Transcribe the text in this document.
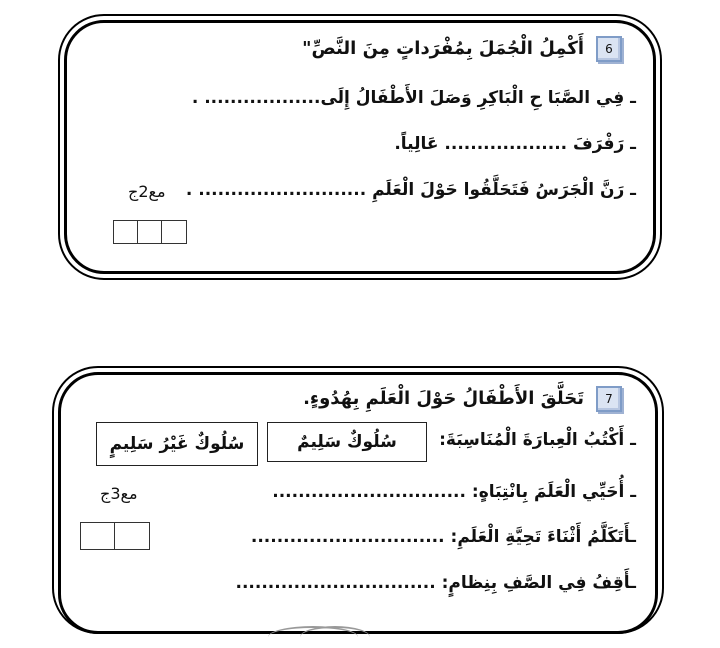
6
أَكْمِلُ الْجُمَلَ بِمُفْرَداتٍ مِنَ النَّصِّ"
ـ فِي الصَّبَا حِ الْبَاكِرِ وَصَلَ الأَطْفَالُ إِلَى.................. .
ـ رَفْرَفَ ................... عَالِياً.
ـ رَنَّ الْجَرَسُ فَتَحَلَّقُوا حَوْلَ الْعَلَمِ .......................... .
مع2ج
7
تَحَلَّقَ الأَطْفَالُ حَوْلَ الْعَلَمِ بِهُدُوءٍ.
ـ أَكْتُبُ الْعِبارَةَ الْمُنَاسِبَةَ:
سُلُوكٌ سَلِيمٌ
سُلُوكٌ غَيْرُ سَلِيمٍ
ـ أُحَيِّي الْعَلَمَ بِانْتِبَاهٍ: ..............................
ـأَتَكَلَّمُ أَثْنَاءَ تَحِيَّةِ الْعَلَمِ: ..............................
ـأَقِفُ فِي الصَّفِ بِنِظامٍ: ...............................
مع3ج
